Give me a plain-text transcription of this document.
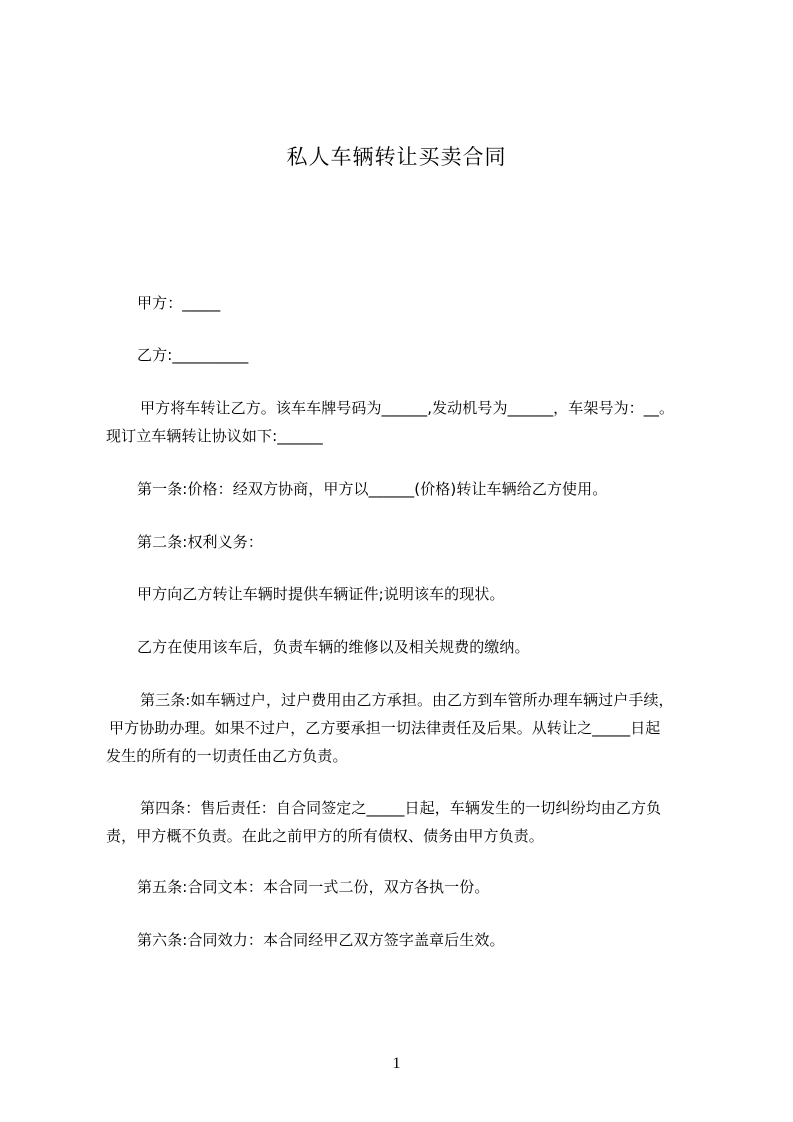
私人车辆转让买卖合同
甲方：_____
乙方:__________
甲方将车转让乙方。该车车牌号码为______,发动机号为______，车架号为：__。
现订立车辆转让协议如下:______
第一条:价格：经双方协商，甲方以______(价格)转让车辆给乙方使用。
第二条:权利义务：
甲方向乙方转让车辆时提供车辆证件;说明该车的现状。
乙方在使用该车后，负责车辆的维修以及相关规费的缴纳。
第三条:如车辆过户，过户费用由乙方承担。由乙方到车管所办理车辆过户手续，
甲方协助办理。如果不过户，乙方要承担一切法律责任及后果。从转让之_____日起
发生的所有的一切责任由乙方负责。
第四条：售后责任：自合同签定之_____日起，车辆发生的一切纠纷均由乙方负
责，甲方概不负责。在此之前甲方的所有债权、债务由甲方负责。
第五条:合同文本：本合同一式二份，双方各执一份。
第六条:合同效力：本合同经甲乙双方签字盖章后生效。
1
